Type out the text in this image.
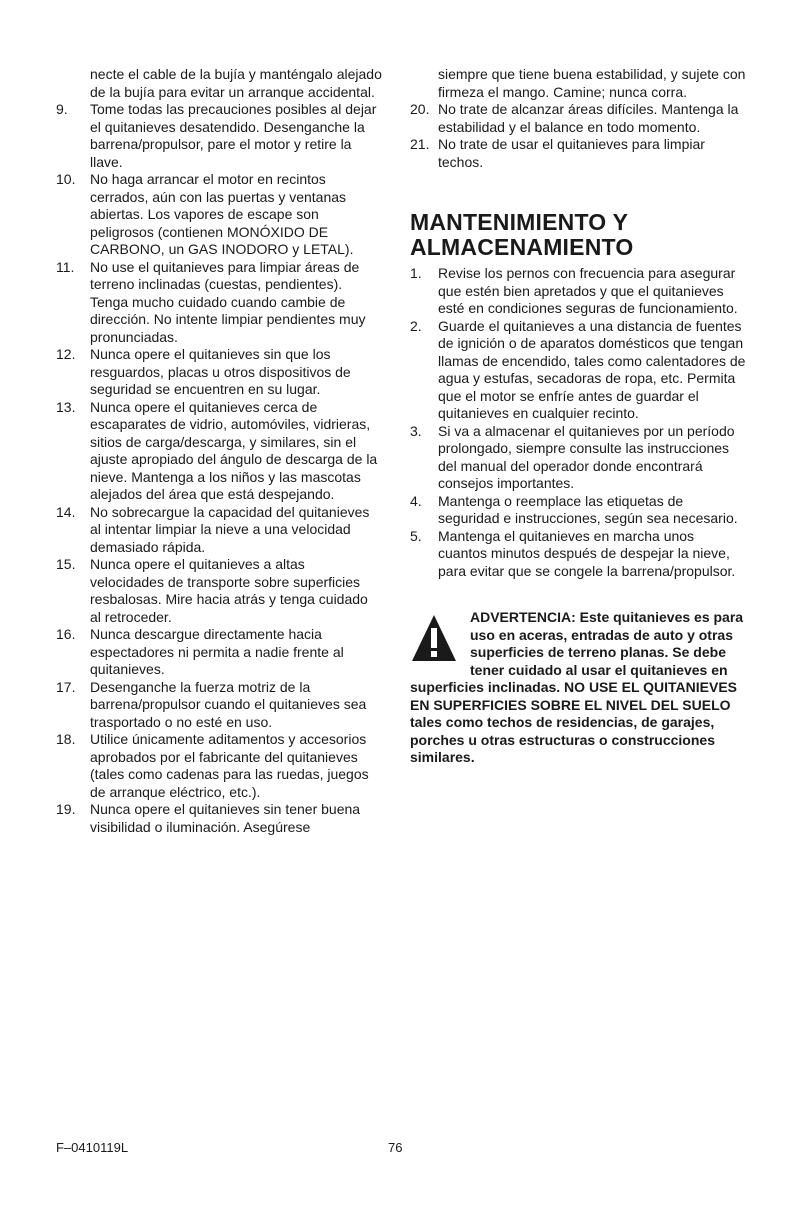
necte el cable de la bujía y manténgalo alejado de la bujía para evitar un arranque accidental.
9.	Tome todas las precauciones posibles al dejar el quitanieves desatendido. Desenganche la barrena/propulsor, pare el motor y retire la llave.
10.	No haga arrancar el motor en recintos cerrados, aún con las puertas y ventanas abiertas. Los vapores de escape son peligrosos (contienen MONÓXIDO DE CARBONO, un GAS INODORO y LETAL).
11.	No use el quitanieves para limpiar áreas de terreno inclinadas (cuestas, pendientes). Tenga mucho cuidado cuando cambie de dirección. No intente limpiar pendientes muy pronunciadas.
12.	Nunca opere el quitanieves sin que los resguardos, placas u otros dispositivos de seguridad se encuentren en su lugar.
13.	Nunca opere el quitanieves cerca de escaparates de vidrio, automóviles, vidrieras, sitios de carga/descarga, y similares, sin el ajuste apropiado del ángulo de descarga de la nieve. Mantenga a los niños y las mascotas alejados del área que está despejando.
14.	No sobrecargue la capacidad del quitanieves al intentar limpiar la nieve a una velocidad demasiado rápida.
15.	Nunca opere el quitanieves a altas velocidades de transporte sobre superficies resbalosas. Mire hacia atrás y tenga cuidado al retroceder.
16.	Nunca descargue directamente hacia espectadores ni permita a nadie frente al quitanieves.
17.	Desenganche la fuerza motriz de la barrena/propulsor cuando el quitanieves sea trasportado o no esté en uso.
18.	Utilice únicamente aditamentos y accesorios aprobados por el fabricante del quitanieves (tales como cadenas para las ruedas, juegos de arranque eléctrico, etc.).
19.	Nunca opere el quitanieves sin tener buena visibilidad o iluminación. Asegúrese
siempre que tiene buena estabilidad, y sujete con firmeza el mango. Camine; nunca corra.
20. No trate de alcanzar áreas difíciles. Mantenga la estabilidad y el balance en todo momento.
21. No trate de usar el quitanieves para limpiar techos.
MANTENIMIENTO Y
ALMACENAMIENTO
1.	Revise los pernos con frecuencia para asegurar que estén bien apretados y que el quitanieves esté en condiciones seguras de funcionamiento.
2.	Guarde el quitanieves a una distancia de fuentes de ignición o de aparatos domésticos que tengan llamas de encendido, tales como calentadores de agua y estufas, secadoras de ropa, etc. Permita que el motor se enfríe antes de guardar el quitanieves en cualquier recinto.
3.	Si va a almacenar el quitanieves por un período prolongado, siempre consulte las instrucciones del manual del operador donde encontrará consejos importantes.
4.	Mantenga o reemplace las etiquetas de seguridad e instrucciones, según sea necesario.
5.	Mantenga el quitanieves en marcha unos cuantos minutos después de despejar la nieve, para evitar que se congele la barrena/propulsor.
ADVERTENCIA: Este quitanieves es para uso en aceras, entradas de auto y otras superficies de terreno planas. Se debe tener cuidado al usar el quitanieves en superficies inclinadas. NO USE EL QUITANIEVES EN SUPERFICIES SOBRE EL NIVEL DEL SUELO tales como techos de residencias, de garajes, porches u otras estructuras o construcciones similares.
F–0410119L	76
